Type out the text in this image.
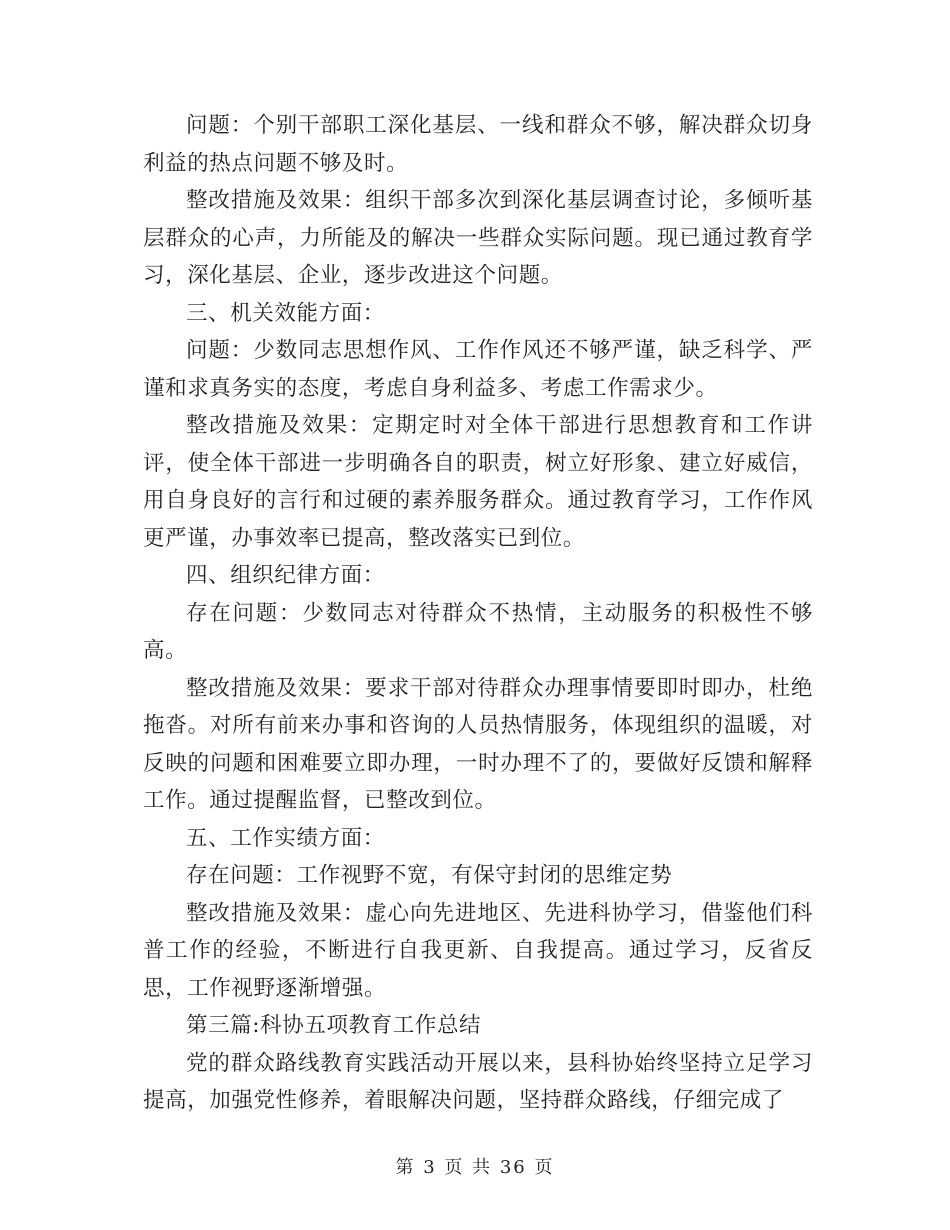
问题：个别干部职工深化基层、一线和群众不够，解决群众切身利益的热点问题不够及时。

整改措施及效果：组织干部多次到深化基层调查讨论，多倾听基层群众的心声，力所能及的解决一些群众实际问题。现已通过教育学习，深化基层、企业，逐步改进这个问题。

三、机关效能方面：

问题：少数同志思想作风、工作作风还不够严谨，缺乏科学、严谨和求真务实的态度，考虑自身利益多、考虑工作需求少。

整改措施及效果：定期定时对全体干部进行思想教育和工作讲评，使全体干部进一步明确各自的职责，树立好形象、建立好威信，用自身良好的言行和过硬的素养服务群众。通过教育学习，工作作风更严谨，办事效率已提高，整改落实已到位。

四、组织纪律方面：

存在问题：少数同志对待群众不热情，主动服务的积极性不够高。

整改措施及效果：要求干部对待群众办理事情要即时即办，杜绝拖沓。对所有前来办事和咨询的人员热情服务，体现组织的温暖，对反映的问题和困难要立即办理，一时办理不了的，要做好反馈和解释工作。通过提醒监督，已整改到位。

五、工作实绩方面：

存在问题：工作视野不宽，有保守封闭的思维定势

整改措施及效果：虚心向先进地区、先进科协学习，借鉴他们科普工作的经验，不断进行自我更新、自我提高。通过学习，反省反思，工作视野逐渐增强。

第三篇:科协五项教育工作总结

党的群众路线教育实践活动开展以来，县科协始终坚持立足学习提高，加强党性修养，着眼解决问题，坚持群众路线，仔细完成了

第 3 页 共 36 页
